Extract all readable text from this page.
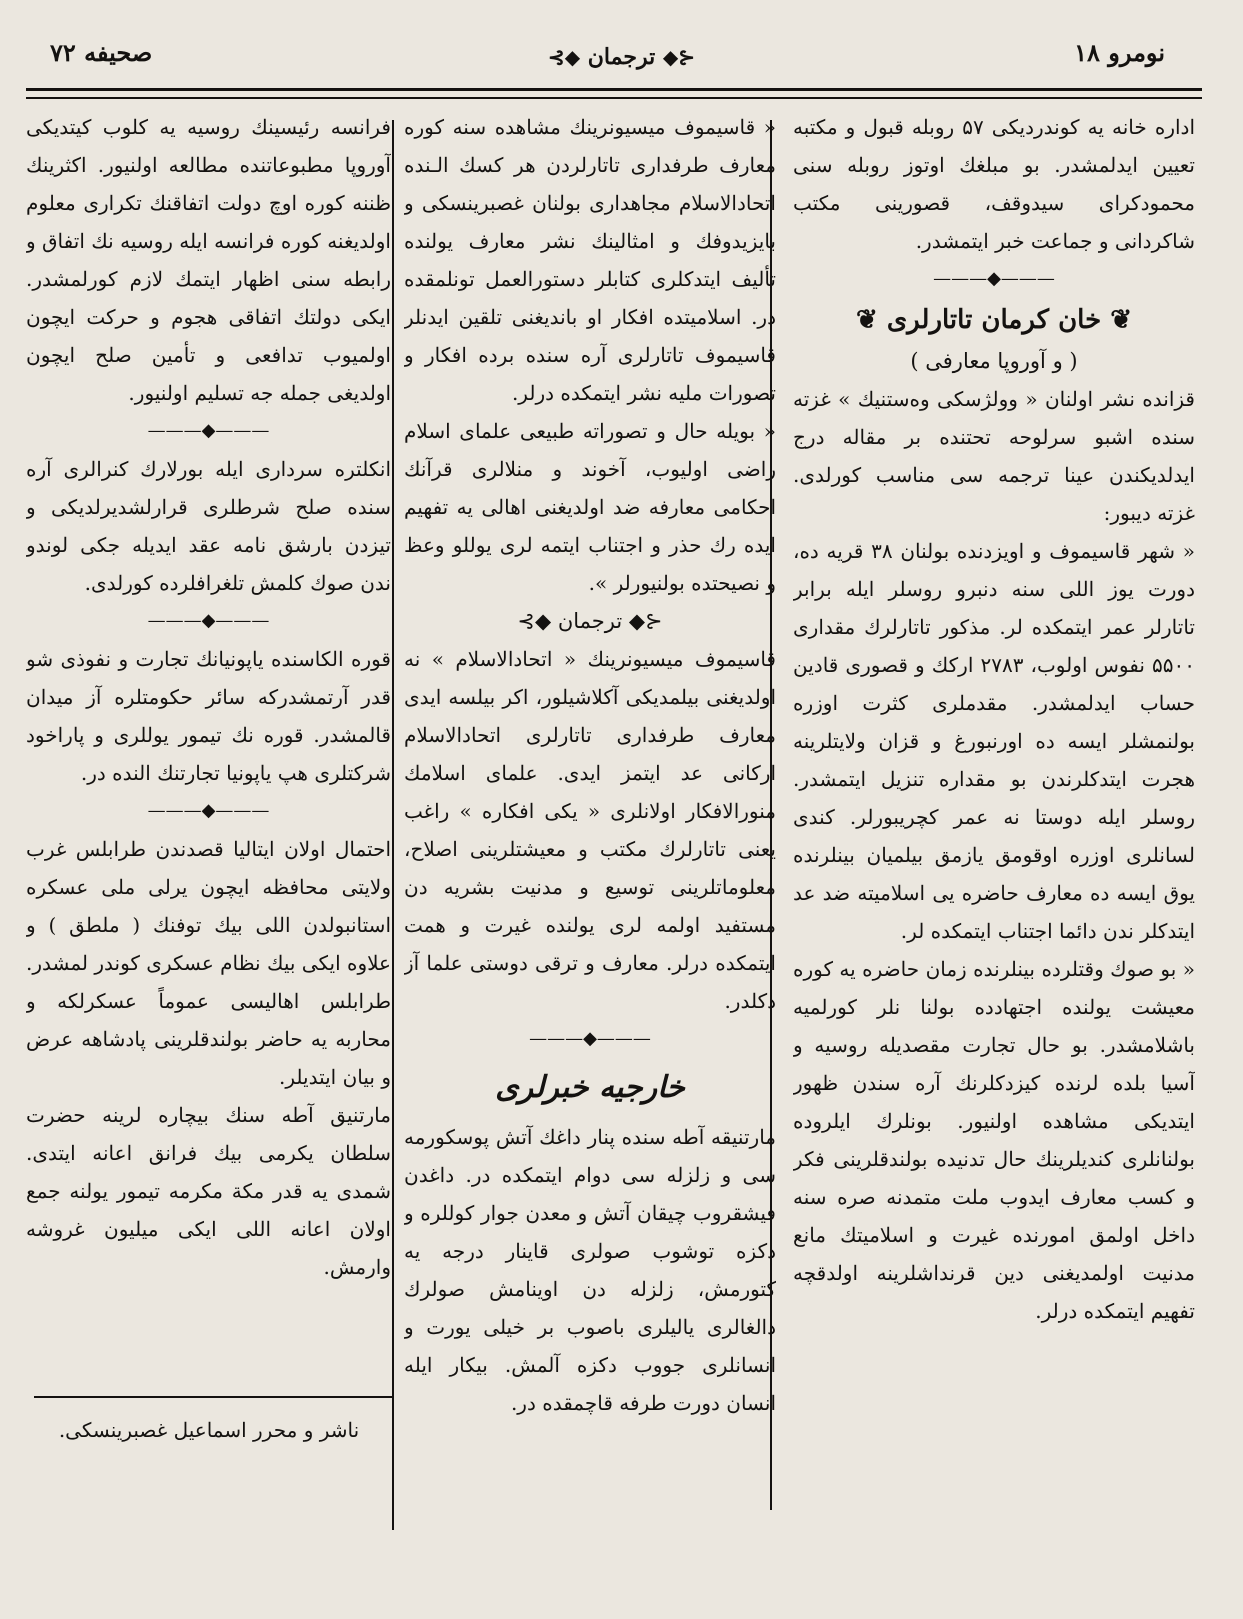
صحیفه ۷۲	⊰◆ ترجمان ◆⊱	نومرو ۱۸

اداره خانه یه کوندردیکی ۵۷ روبله قبول و مکتبه تعیین ایدلمشدر. بو مبلغك اوتوز روبله سنی محمودکرای سیدوقف، قصورینی مکتب شاکردانی و جماعت خبر ایتمشدر.

———◆———
❦ خان کرمان تاتارلری ❦
( و آوروپا معارفی )

قزانده نشر اولنان « وولژسکی وەستنیك » غزته سنده اشبو سرلوحه تحتنده بر مقاله درج ایدلدیکندن عینا ترجمه سی مناسب کورلدی. غزته دیبور:

« شهر قاسیموف و اویزدنده بولنان ۳۸ قریه ده، دورت یوز اللی سنه دنبرو روسلر ایله برابر تاتارلر عمر ایتمکده لر. مذکور تاتارلرك مقداری ۵۵۰۰ نفوس اولوب، ۲۷۸۳ ارکك و قصوری قادین حساب ایدلمشدر. مقدملری کثرت اوزره بولنمشلر ایسه ده اورنبورغ و قزان ولایتلرینه هجرت ایتدکلرندن بو مقداره تنزیل ایتمشدر. روسلر ایله دوستا نه عمر کچریبورلر. کندی لسانلری اوزره اوقومق یازمق بیلمیان بینلرنده یوق ایسه ده معارف حاضره یی اسلامیته ضد عد ایتدکلر ندن دائما اجتناب ایتمکده لر.

« بو صوك وقتلرده بینلرنده زمان حاضره یه کوره معیشت یولنده اجتهادده بولنا نلر کورلمیه باشلامشدر. بو حال تجارت مقصدیله روسیه و آسیا بلده لرنده کیزدکلرنك آره سندن ظهور ایتدیکی مشاهده اولنیور. بونلرك ایلروده بولنانلری کندیلرینك حال تدنیده بولندقلرینی فکر و کسب معارف ایدوب ملت متمدنه صره سنه داخل اولمق امورنده غیرت و اسلامیتك مانع مدنیت اولمدیغنی دین قرنداشلرینه اولدقچه تفهیم ایتمکده درلر.

« قاسیموف میسیونرینك مشاهده سنه کوره معارف طرفداری تاتارلردن هر کسك الـنده اتحادالاسلام مجاهداری بولنان غصبرینسکی و بایزیدوفك و امثالینك نشر معارف یولنده تألیف ایتدکلری کتابلر دستورالعمل تونلمقده در. اسلامیتده افکار او باندیغنی تلقین ایدنلر قاسیموف تاتارلری آره سنده برده افکار و تصورات ملیه نشر ایتمکده درلر.

« بویله حال و تصوراته طبیعی علمای اسلام راضی اولیوب، آخوند و منلالری قرآنك احکامی معارفه ضد اولدیغنی اهالی یه تفهیم ایده رك حذر و اجتناب ایتمه لری یوللو وعظ و نصیحتده بولنیورلر ».

⊰◆ ترجمان ◆⊱

قاسیموف میسیونرینك « اتحادالاسلام » نه اولدیغنی بیلمدیکی آکلاشیلور، اکر بیلسه ایدی معارف طرفداری تاتارلری اتحادالاسلام ارکانی عد ایتمز ایدی. علمای اسلامك منورالافکار اولانلری « یکی افکاره » راغب یعنی تاتارلرك مکتب و معیشتلرینی اصلاح، معلوماتلرینی توسیع و مدنیت بشریه دن مستفید اولمه لری یولنده غیرت و همت ایتمکده درلر. معارف و ترقی دوستی علما آز دکلدر.

———◆———
خارجیه خبرلری

مارتنیقه آطه سنده پنار داغك آتش پوسکورمه سی و زلزله سی دوام ایتمکده در. داغدن فیشقروب چیقان آتش و معدن جوار کوللره و دکزه توشوب صولری قاینار درجه یه کتورمش، زلزله دن اوینامش صولرك دالغالری یالیلری باصوب بر خیلی یورت و انسانلری جووب دکزه آلمش. بیکار ایله انسان دورت طرفه قاچمقده در.

فرانسه رئیسینك روسیه یه کلوب کیتدیکی آوروپا مطبوعاتنده مطالعه اولنیور. اکثرینك ظننه کوره اوچ دولت اتفاقنك تکراری معلوم اولدیغنه کوره فرانسه ایله روسیه نك اتفاق و رابطه سنی اظهار ایتمك لازم کورلمشدر. ایکی دولتك اتفاقی هجوم و حرکت ایچون اولمیوب تدافعی و تأمین صلح ایچون اولدیغی جمله جه تسلیم اولنیور.

———◆———

انکلتره سرداری ایله بورلارك کنرالری آره سنده صلح شرطلری قرارلشدیرلدیکی و تیزدن بارشق نامه عقد ایدیله جکی لوندو ندن صوك کلمش تلغرافلرده کورلدی.

———◆———

قوره الکاسنده یاپونیانك تجارت و نفوذی شو قدر آرتمشدرکه سائر حکومتلره آز میدان قالمشدر. قوره نك تیمور یوللری و پاراخود شرکتلری هپ یاپونیا تجارتنك النده در.

———◆———

احتمال اولان ایتالیا قصدندن طرابلس غرب ولایتی محافظه ایچون یرلی ملی عسکره استانبولدن اللی بیك توفنك ( ملطق ) و علاوه ایکی بیك نظام عسکری کوندر لمشدر. طرابلس اهالیسی عموماً عسکرلکه و محاربه یه حاضر بولندقلرینی پادشاهه عرض و بیان ایتدیلر.

مارتنیق آطه سنك بیچاره لرینه حضرت سلطان یکرمی بیك فرانق اعانه ایتدی. شمدی یه قدر مکة مکرمه تیمور یولنه جمع اولان اعانه اللی ایکی میلیون غروشه وارمش.

ناشر و محرر اسماعیل غصبرینسکی.
